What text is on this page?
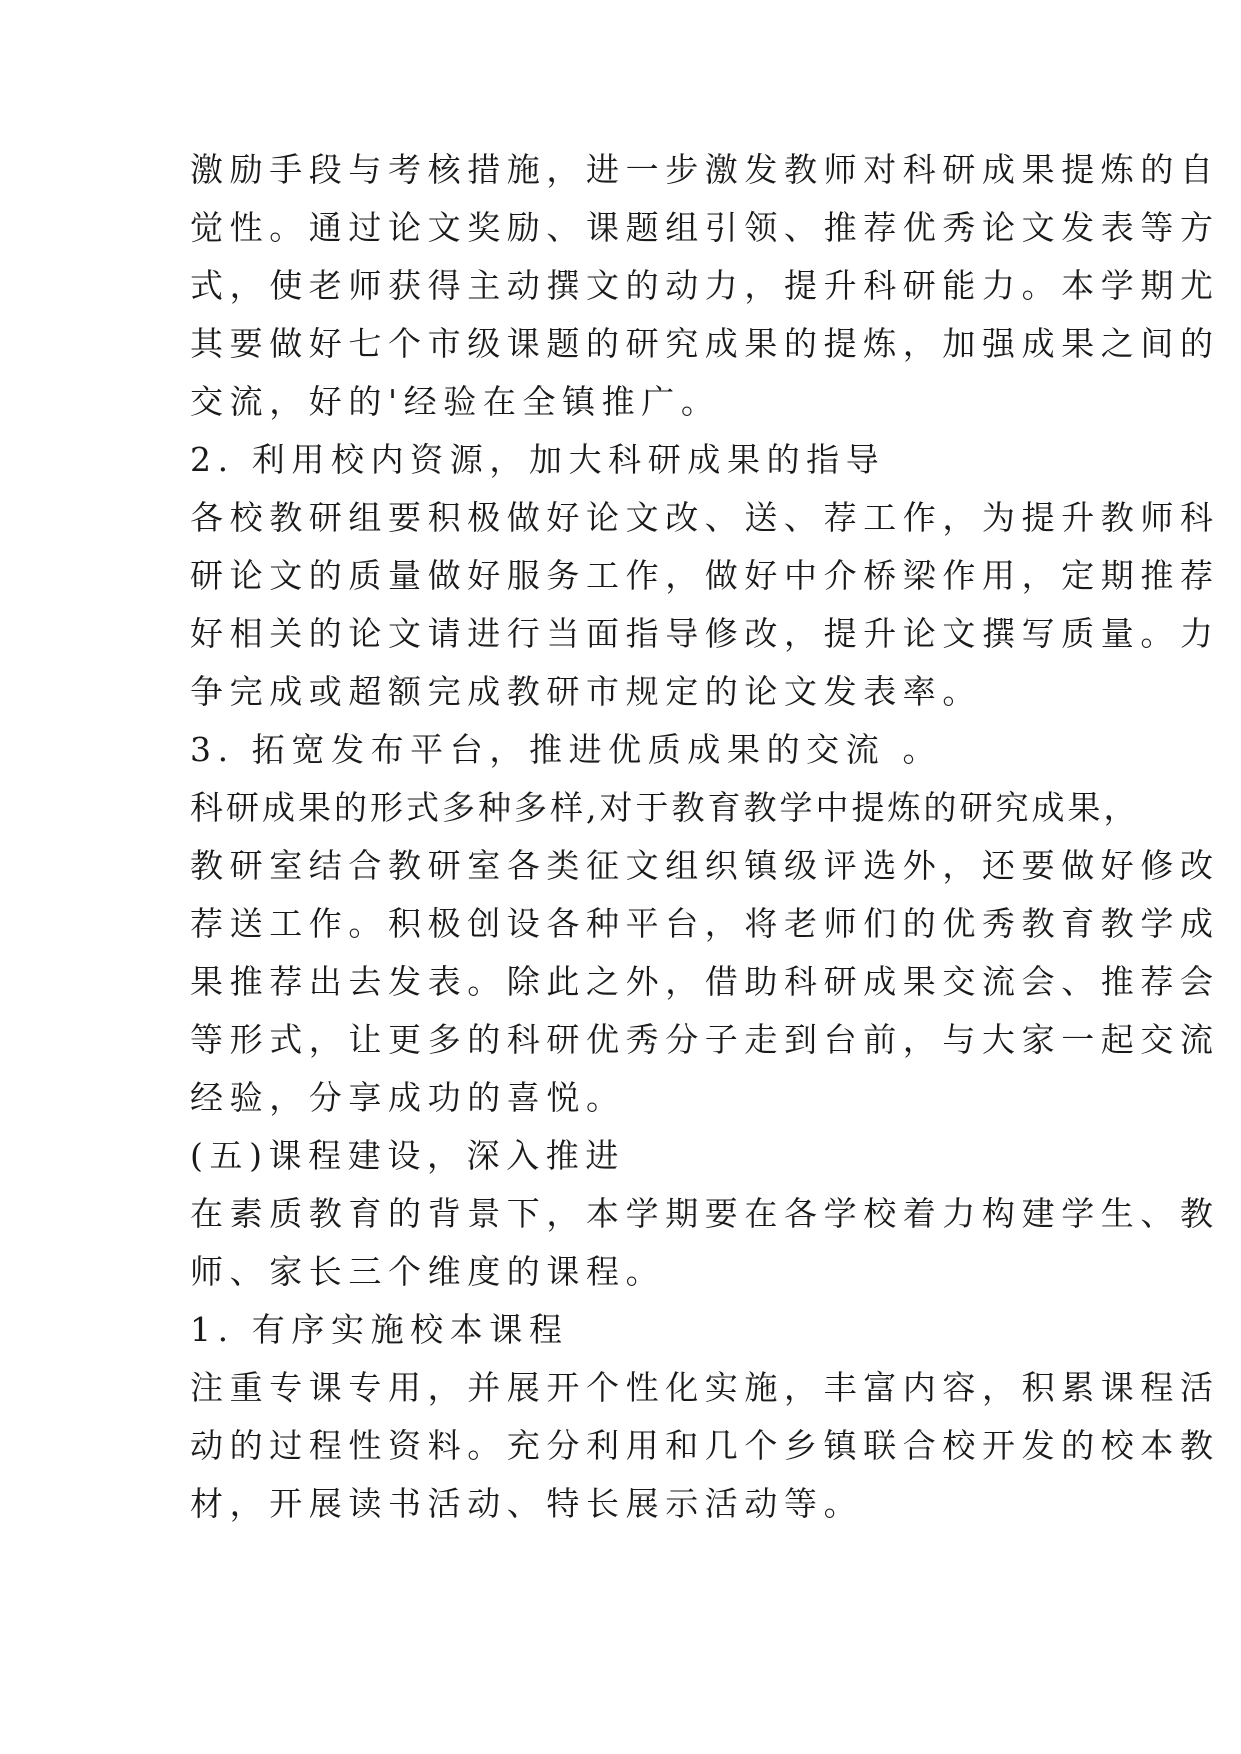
激励手段与考核措施，进一步激发教师对科研成果提炼的自
觉性。通过论文奖励、课题组引领、推荐优秀论文发表等方
式，使老师获得主动撰文的动力，提升科研能力。本学期尤
其要做好七个市级课题的研究成果的提炼，加强成果之间的
交流，好的'经验在全镇推广。
2. 利用校内资源，加大科研成果的指导
各校教研组要积极做好论文改、送、荐工作，为提升教师科
研论文的质量做好服务工作，做好中介桥梁作用，定期推荐
好相关的论文请进行当面指导修改，提升论文撰写质量。力
争完成或超额完成教研市规定的论文发表率。
3. 拓宽发布平台，推进优质成果的交流 。
科研成果的形式多种多样,对于教育教学中提炼的研究成果，
教研室结合教研室各类征文组织镇级评选外，还要做好修改
荐送工作。积极创设各种平台，将老师们的优秀教育教学成
果推荐出去发表。除此之外，借助科研成果交流会、推荐会
等形式，让更多的科研优秀分子走到台前，与大家一起交流
经验，分享成功的喜悦。
(五)课程建设，深入推进
在素质教育的背景下，本学期要在各学校着力构建学生、教
师、家长三个维度的课程。
1. 有序实施校本课程
注重专课专用，并展开个性化实施，丰富内容，积累课程活
动的过程性资料。充分利用和几个乡镇联合校开发的校本教
材，开展读书活动、特长展示活动等。
